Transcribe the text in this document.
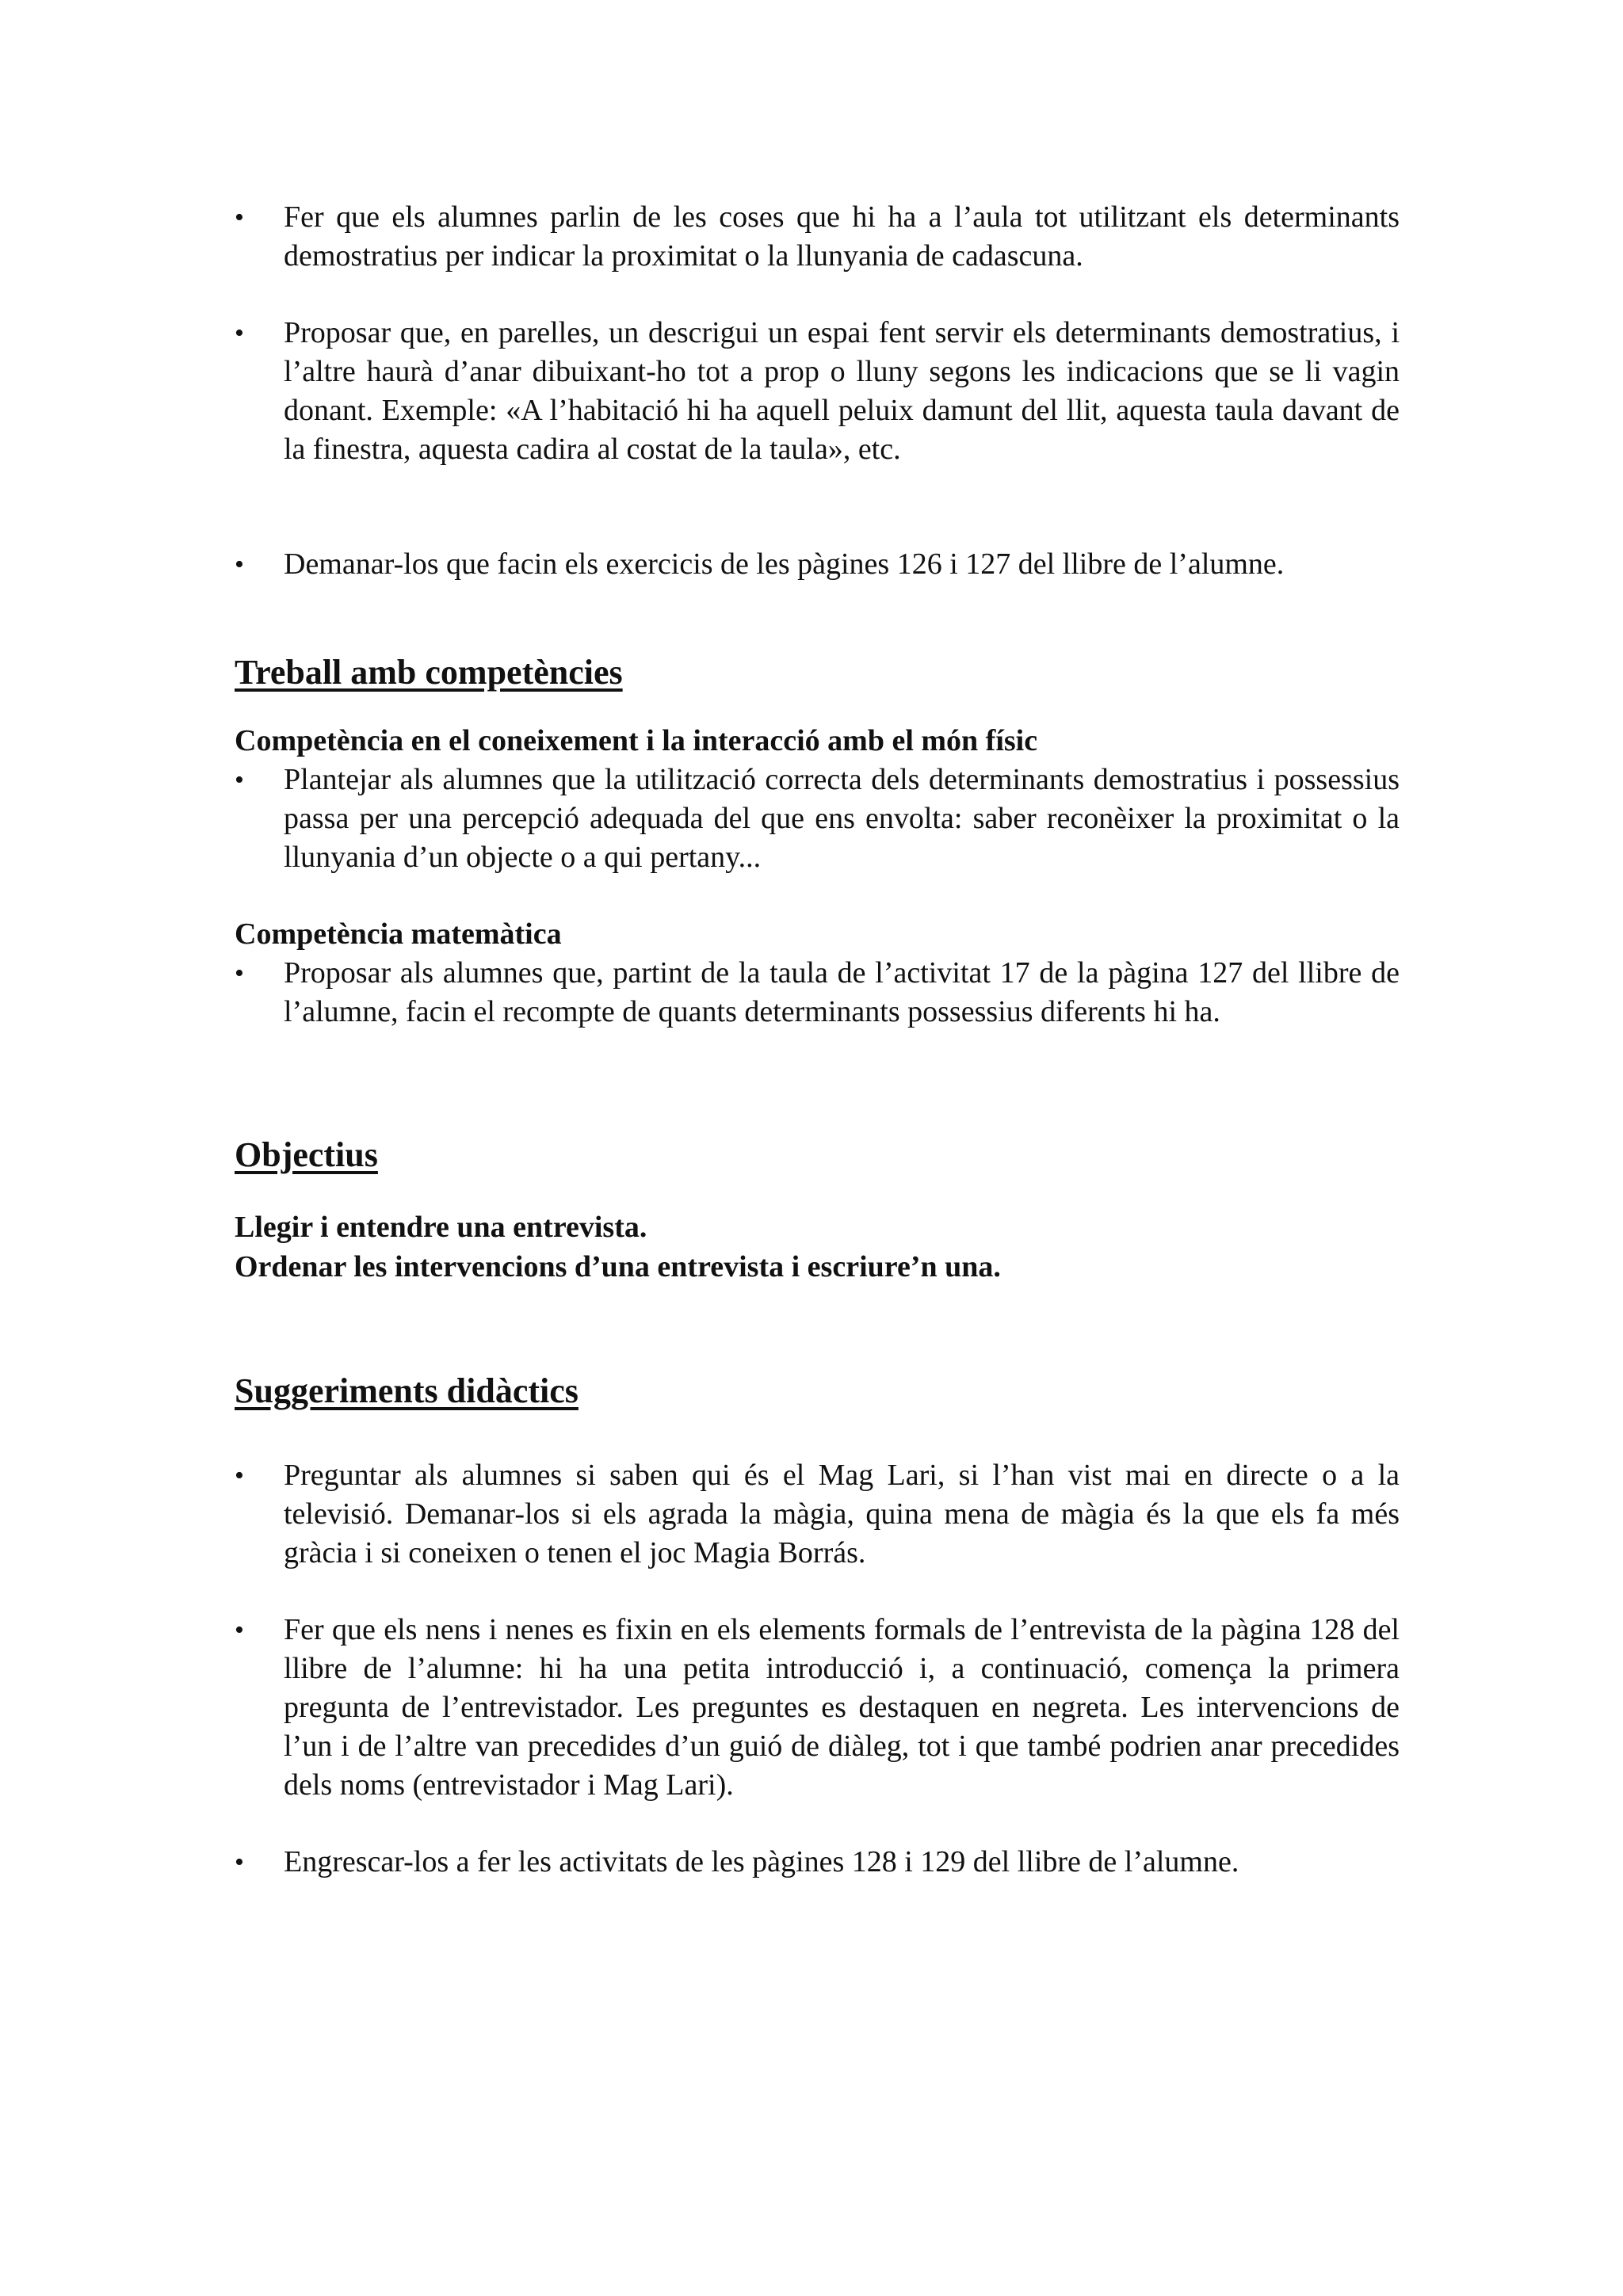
•	Fer que els alumnes parlin de les coses que hi ha a l’aula tot utilitzant els determinants demostratius per indicar la proximitat o la llunyania de cadascuna.

•	Proposar que, en parelles, un descrigui un espai fent servir els determinants demostratius, i l’altre haurà d’anar dibuixant-ho tot a prop o lluny segons les indicacions que se li vagin donant. Exemple: «A l’habitació hi ha aquell peluix damunt del llit, aquesta taula davant de la finestra, aquesta cadira al costat de la taula», etc.

•	Demanar-los que facin els exercicis de les pàgines 126 i 127 del llibre de l’alumne.

Treball amb competències
Competència en el coneixement i la interacció amb el món físic

•	Plantejar als alumnes que la utilització correcta dels determinants demostratius i possessius passa per una percepció adequada del que ens envolta: saber reconèixer la proximitat o la llunyania d’un objecte o a qui pertany...

Competència matemàtica

•	Proposar als alumnes que, partint de la taula de l’activitat 17 de la pàgina 127 del llibre de l’alumne, facin el recompte de quants determinants possessius diferents hi ha.

Objectius

Llegir i entendre una entrevista.

Ordenar les intervencions d’una entrevista i escriure’n una.

Suggeriments didàctics

•	Preguntar als alumnes si saben qui és el Mag Lari, si l’han vist mai en directe o a la televisió. Demanar-los si els agrada la màgia, quina mena de màgia és la que els fa més gràcia i si coneixen o tenen el joc Magia Borrás.

•	Fer que els nens i nenes es fixin en els elements formals de l’entrevista de la pàgina 128 del llibre de l’alumne: hi ha una petita introducció i, a continuació, comença la primera pregunta de l’entrevistador. Les preguntes es destaquen en negreta. Les intervencions de l’un i de l’altre van precedides d’un guió de diàleg, tot i que també podrien anar precedides dels noms (entrevistador i Mag Lari).

•	Engrescar-los a fer les activitats de les pàgines 128 i 129 del llibre de l’alumne.
